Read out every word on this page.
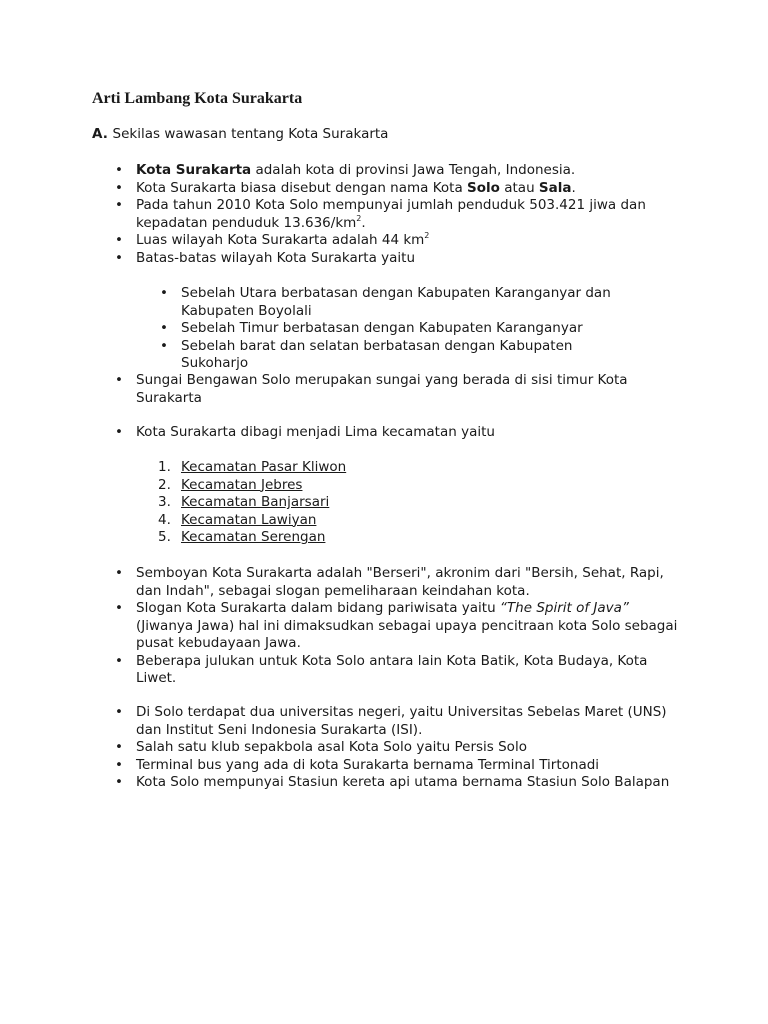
Arti Lambang Kota Surakarta
A. Sekilas wawasan tentang Kota Surakarta
• Kota Surakarta adalah kota di provinsi Jawa Tengah, Indonesia.
• Kota Surakarta biasa disebut dengan nama Kota Solo atau Sala.
• Pada tahun 2010 Kota Solo mempunyai jumlah penduduk 503.421 jiwa dan kepadatan penduduk $13.636/km^2$.
• Luas wilayah Kota Surakarta adalah 44 $km^2$
• Batas-batas wilayah Kota Surakarta yaitu
• Sebelah Utara berbatasan dengan Kabupaten Karanganyar dan Kabupaten Boyolali
• Sebelah Timur berbatasan dengan Kabupaten Karanganyar
• Sebelah barat dan selatan berbatasan dengan Kabupaten Sukoharjo
• Sungai Bengawan Solo merupakan sungai yang berada di sisi timur Kota Surakarta
• Kota Surakarta dibagi menjadi Lima kecamatan yaitu
1. Kecamatan Pasar Kliwon
2. Kecamatan Jebres
3. Kecamatan Banjarsari
4. Kecamatan Lawiyan
5. Kecamatan Serengan
• Semboyan Kota Surakarta adalah "Berseri", akronim dari "Bersih, Sehat, Rapi, dan Indah", sebagai slogan pemeliharaan keindahan kota.
• Slogan Kota Surakarta dalam bidang pariwisata yaitu “The Spirit of Java” (Jiwanya Jawa) hal ini dimaksudkan sebagai upaya pencitraan kota Solo sebagai pusat kebudayaan Jawa.
• Beberapa julukan untuk Kota Solo antara lain Kota Batik, Kota Budaya, Kota Liwet.
• Di Solo terdapat dua universitas negeri, yaitu Universitas Sebelas Maret (UNS) dan Institut Seni Indonesia Surakarta (ISI).
• Salah satu klub sepakbola asal Kota Solo yaitu Persis Solo
• Terminal bus yang ada di kota Surakarta bernama Terminal Tirtonadi
• Kota Solo mempunyai Stasiun kereta api utama bernama Stasiun Solo Balapan
